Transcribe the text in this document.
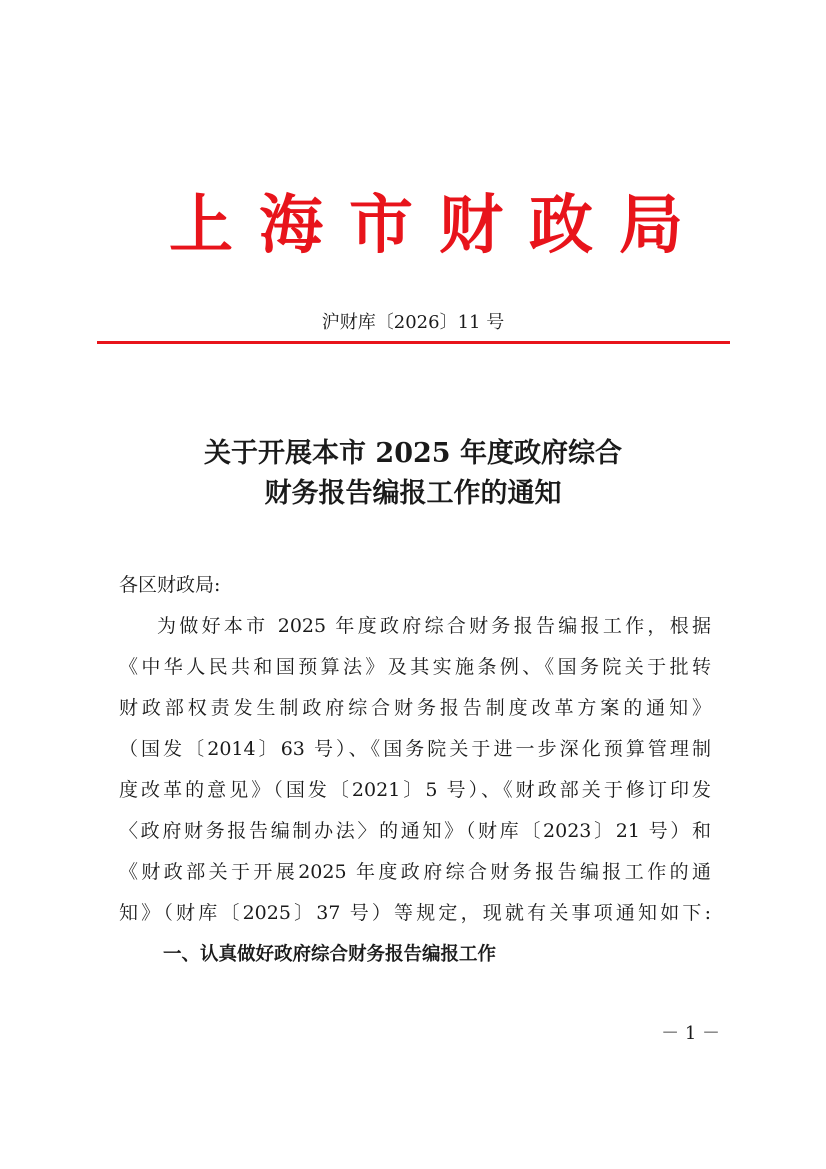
上海市财政局
沪财库〔2026〕11 号
关于开展本市 2025 年度政府综合
财务报告编报工作的通知
各区财政局:
为做好本市 2025 年度政府综合财务报告编报工作，根据
《中华人民共和国预算法》及其实施条例、《国务院关于批转
财政部权责发生制政府综合财务报告制度改革方案的通知》
（国发〔2014〕63 号）、《国务院关于进一步深化预算管理制
度改革的意见》（国发〔2021〕5 号）、《财政部关于修订印发
〈政府财务报告编制办法〉的通知》（财库〔2023〕21 号）和
《财政部关于开展2025 年度政府综合财务报告编报工作的通
知》（财库〔2025〕37 号）等规定，现就有关事项通知如下:
一、认真做好政府综合财务报告编报工作
－ 1 －
